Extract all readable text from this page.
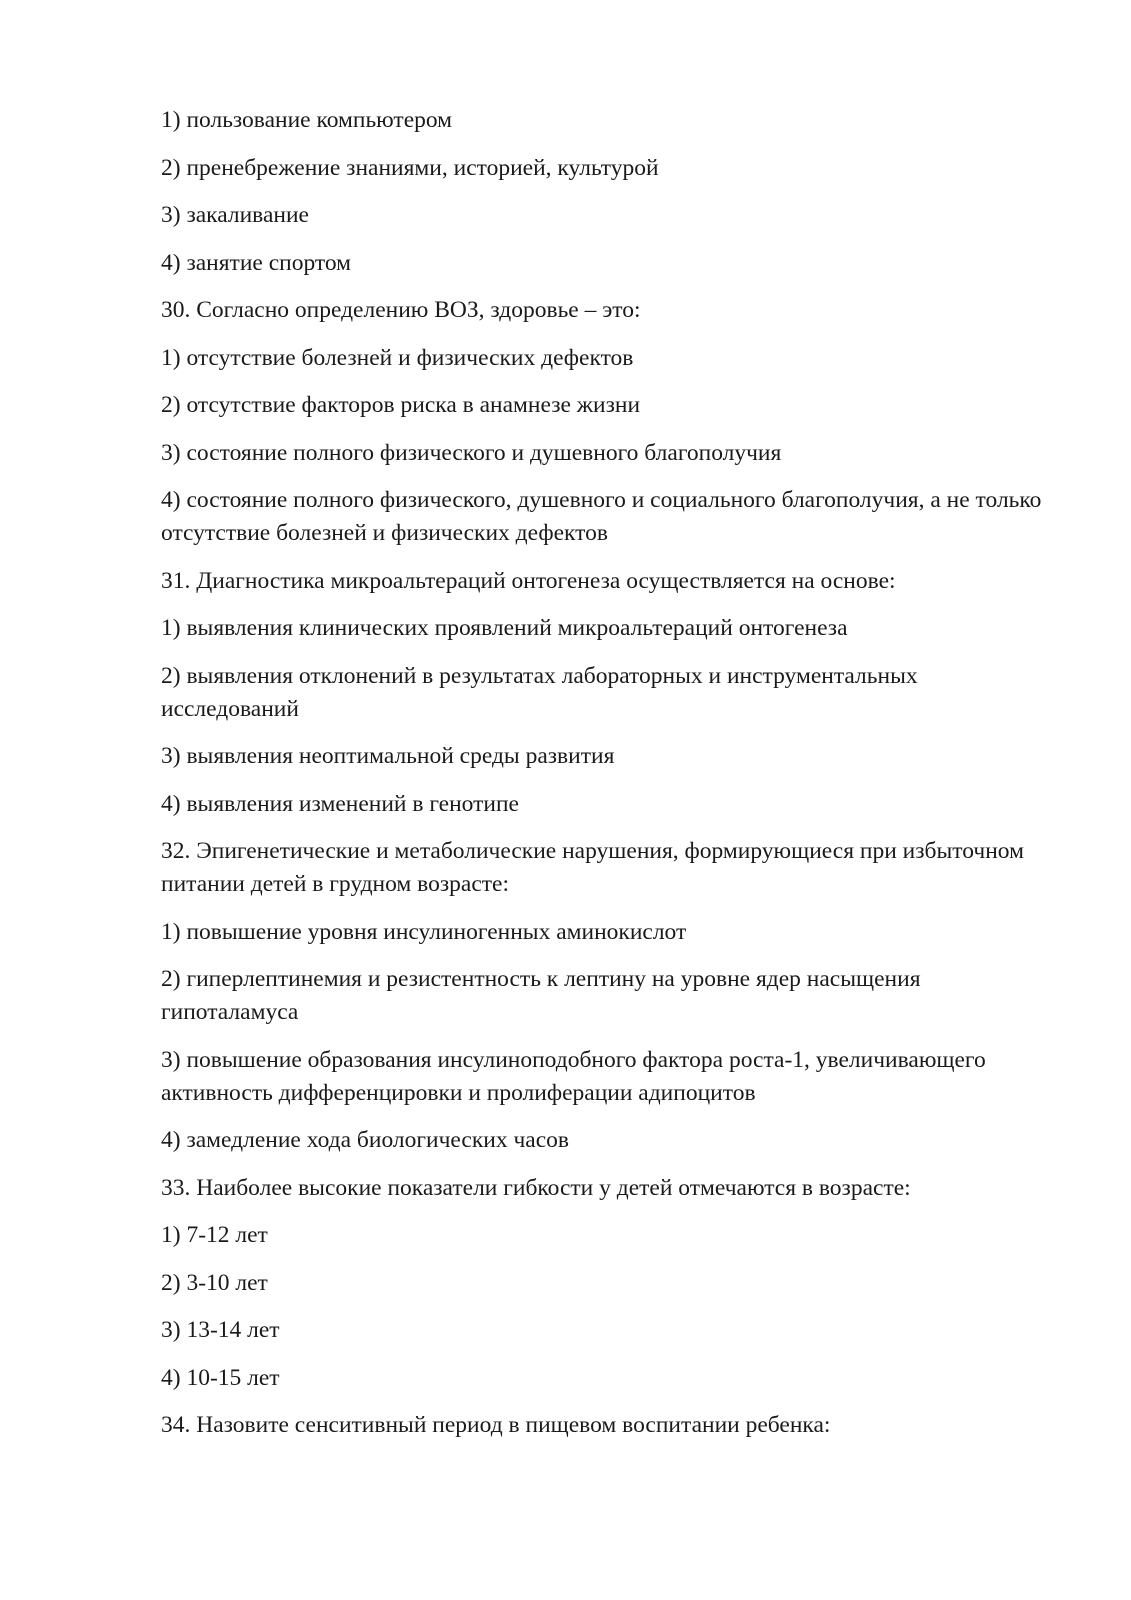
1) пользование компьютером

2) пренебрежение знаниями, историей, культурой

3) закаливание

4) занятие спортом

30. Согласно определению ВОЗ, здоровье – это:

1) отсутствие болезней и физических дефектов

2) отсутствие факторов риска в анамнезе жизни

3) состояние полного физического и душевного благополучия

4) состояние полного физического, душевного и социального благополучия, а не только отсутствие болезней и физических дефектов

31. Диагностика микроальтераций онтогенеза осуществляется на основе:

1) выявления клинических проявлений микроальтераций онтогенеза

2) выявления отклонений в результатах лабораторных и инструментальных исследований

3) выявления неоптимальной среды развития

4) выявления изменений в генотипе

32. Эпигенетические и метаболические нарушения, формирующиеся при избыточном питании детей в грудном возрасте:

1) повышение уровня инсулиногенных аминокислот

2) гиперлептинемия и резистентность к лептину на уровне ядер насыщения гипоталамуса

3) повышение образования инсулиноподобного фактора роста-1, увеличивающего активность дифференцировки и пролиферации адипоцитов

4) замедление хода биологических часов

33. Наиболее высокие показатели гибкости у детей отмечаются в возрасте:

1) 7-12 лет

2) 3-10 лет

3) 13-14 лет

4) 10-15 лет

34. Назовите сенситивный период в пищевом воспитании ребенка:
